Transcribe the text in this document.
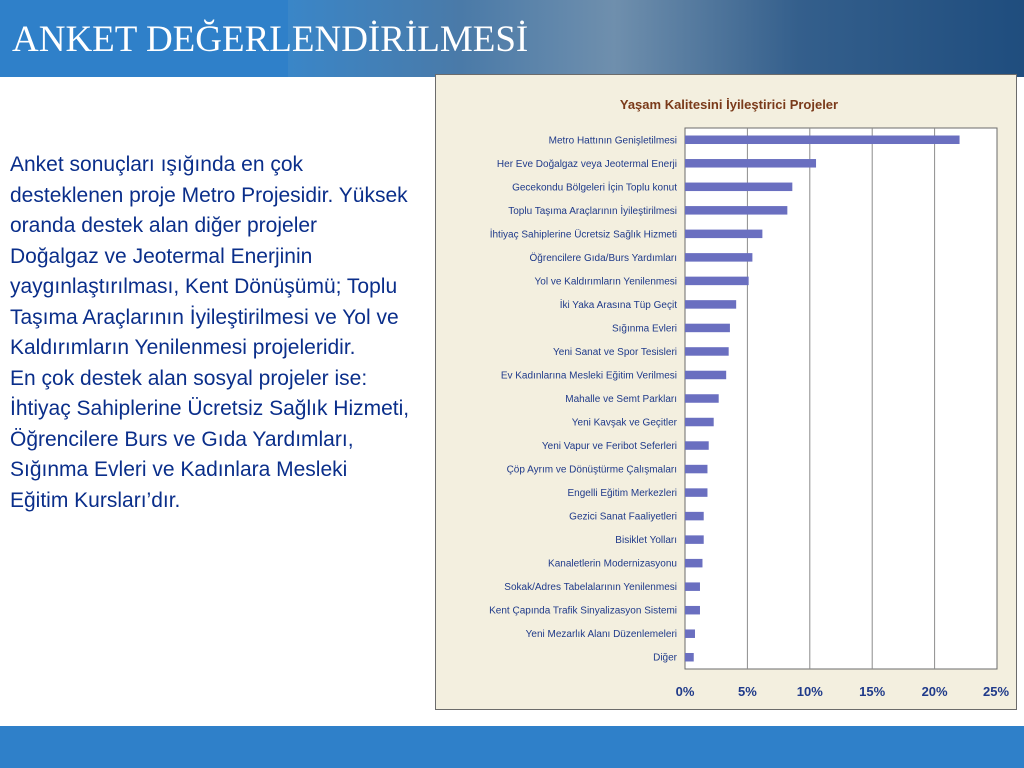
ANKET DEĞERLENDİRİLMESİ

Anket sonuçları ışığında en çok desteklenen proje Metro Projesidir. Yüksek oranda destek alan diğer projeler Doğalgaz ve Jeotermal Enerjinin yaygınlaştırılması, Kent Dönüşümü; Toplu Taşıma Araçlarının İyileştirilmesi ve Yol ve Kaldırımların Yenilenmesi projeleridir.

En çok destek alan sosyal projeler ise: İhtiyaç Sahiplerine Ücretsiz Sağlık Hizmeti, Öğrencilere Burs ve Gıda Yardımları, Sığınma Evleri ve Kadınlara Mesleki Eğitim Kursları’dır.

Yaşam Kalitesini İyileştirici Projeler
Metro Hattının Genişletilmesi
Her Eve Doğalgaz veya Jeotermal Enerji
Gecekondu Bölgeleri İçin Toplu konut
Toplu Taşıma Araçlarının İyileştirilmesi
İhtiyaç Sahiplerine Ücretsiz Sağlık Hizmeti
Öğrencilere Gıda/Burs Yardımları
Yol ve Kaldırımların Yenilenmesi
İki Yaka Arasına Tüp Geçit
Sığınma Evleri
Yeni Sanat ve Spor Tesisleri
Ev Kadınlarına Mesleki Eğitim Verilmesi
Mahalle ve Semt Parkları
Yeni Kavşak ve Geçitler
Yeni Vapur ve Feribot Seferleri
Çöp Ayrım ve Dönüştürme Çalışmaları
Engelli Eğitim Merkezleri
Gezici Sanat Faaliyetleri
Bisiklet Yolları
Kanaletlerin Modernizasyonu
Sokak/Adres Tabelalarının Yenilenmesi
Kent Çapında Trafik Sinyalizasyon Sistemi
Yeni Mezarlık Alanı Düzenlemeleri
Diğer
0%	5%	10%	15%	20%	25%
